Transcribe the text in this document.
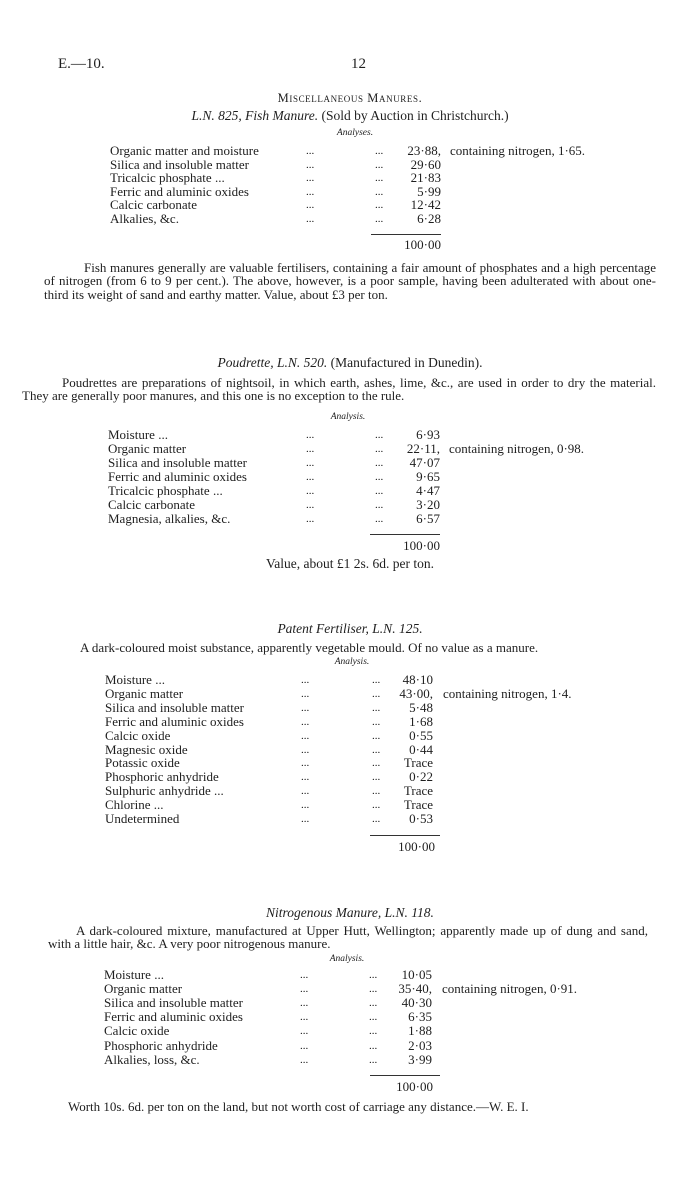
E.—10.	12
Miscellaneous Manures.
L.N. 825, Fish Manure. (Sold by Auction in Christchurch.)
Analyses.
Organic matter and moisture	...	...	23·88, containing nitrogen, 1·65.
Silica and insoluble matter	...	...	29·60
Tricalcic phosphate ...	...	...	21·83
Ferric and aluminic oxides	...	...	5·99
Calcic carbonate	...	...	12·42
Alkalies, &c.	...	...	6·28
100·00
Fish manures generally are valuable fertilisers, containing a fair amount of phosphates and a high percentage of nitrogen (from 6 to 9 per cent.). The above, however, is a poor sample, having been adulterated with about one-third its weight of sand and earthy matter. Value, about £3 per ton.
Poudrette, L.N. 520. (Manufactured in Dunedin).
Poudrettes are preparations of nightsoil, in which earth, ashes, lime, &c., are used in order to dry the material. They are generally poor manures, and this one is no exception to the rule.
Analysis.
Moisture ...	...	...	6·93
Organic matter	...	...	22·11, containing nitrogen, 0·98.
Silica and insoluble matter	...	...	47·07
Ferric and aluminic oxides	...	...	9·65
Tricalcic phosphate ...	...	...	4·47
Calcic carbonate	...	...	3·20
Magnesia, alkalies, &c.	...	...	6·57
100·00
Value, about £1 2s. 6d. per ton.
Patent Fertiliser, L.N. 125.
A dark-coloured moist substance, apparently vegetable mould. Of no value as a manure.
Analysis.
Moisture ...	...	...	48·10
Organic matter	...	...	43·00, containing nitrogen, 1·4.
Silica and insoluble matter	...	...	5·48
Ferric and aluminic oxides	...	...	1·68
Calcic oxide	...	...	0·55
Magnesic oxide	...	...	0·44
Potassic oxide	...	...	Trace
Phosphoric anhydride	...	...	0·22
Sulphuric anhydride ...	...	...	Trace
Chlorine ...	...	...	Trace
Undetermined	...	...	0·53
100·00
Nitrogenous Manure, L.N. 118.
A dark-coloured mixture, manufactured at Upper Hutt, Wellington; apparently made up of dung and sand, with a little hair, &c. A very poor nitrogenous manure.
Analysis.
Moisture ...	...	...	10·05
Organic matter	...	...	35·40, containing nitrogen, 0·91.
Silica and insoluble matter	...	...	40·30
Ferric and aluminic oxides	...	...	6·35
Calcic oxide	...	...	1·88
Phosphoric anhydride	...	...	2·03
Alkalies, loss, &c.	...	...	3·99
100·00
Worth 10s. 6d. per ton on the land, but not worth cost of carriage any distance.—W. E. I.
